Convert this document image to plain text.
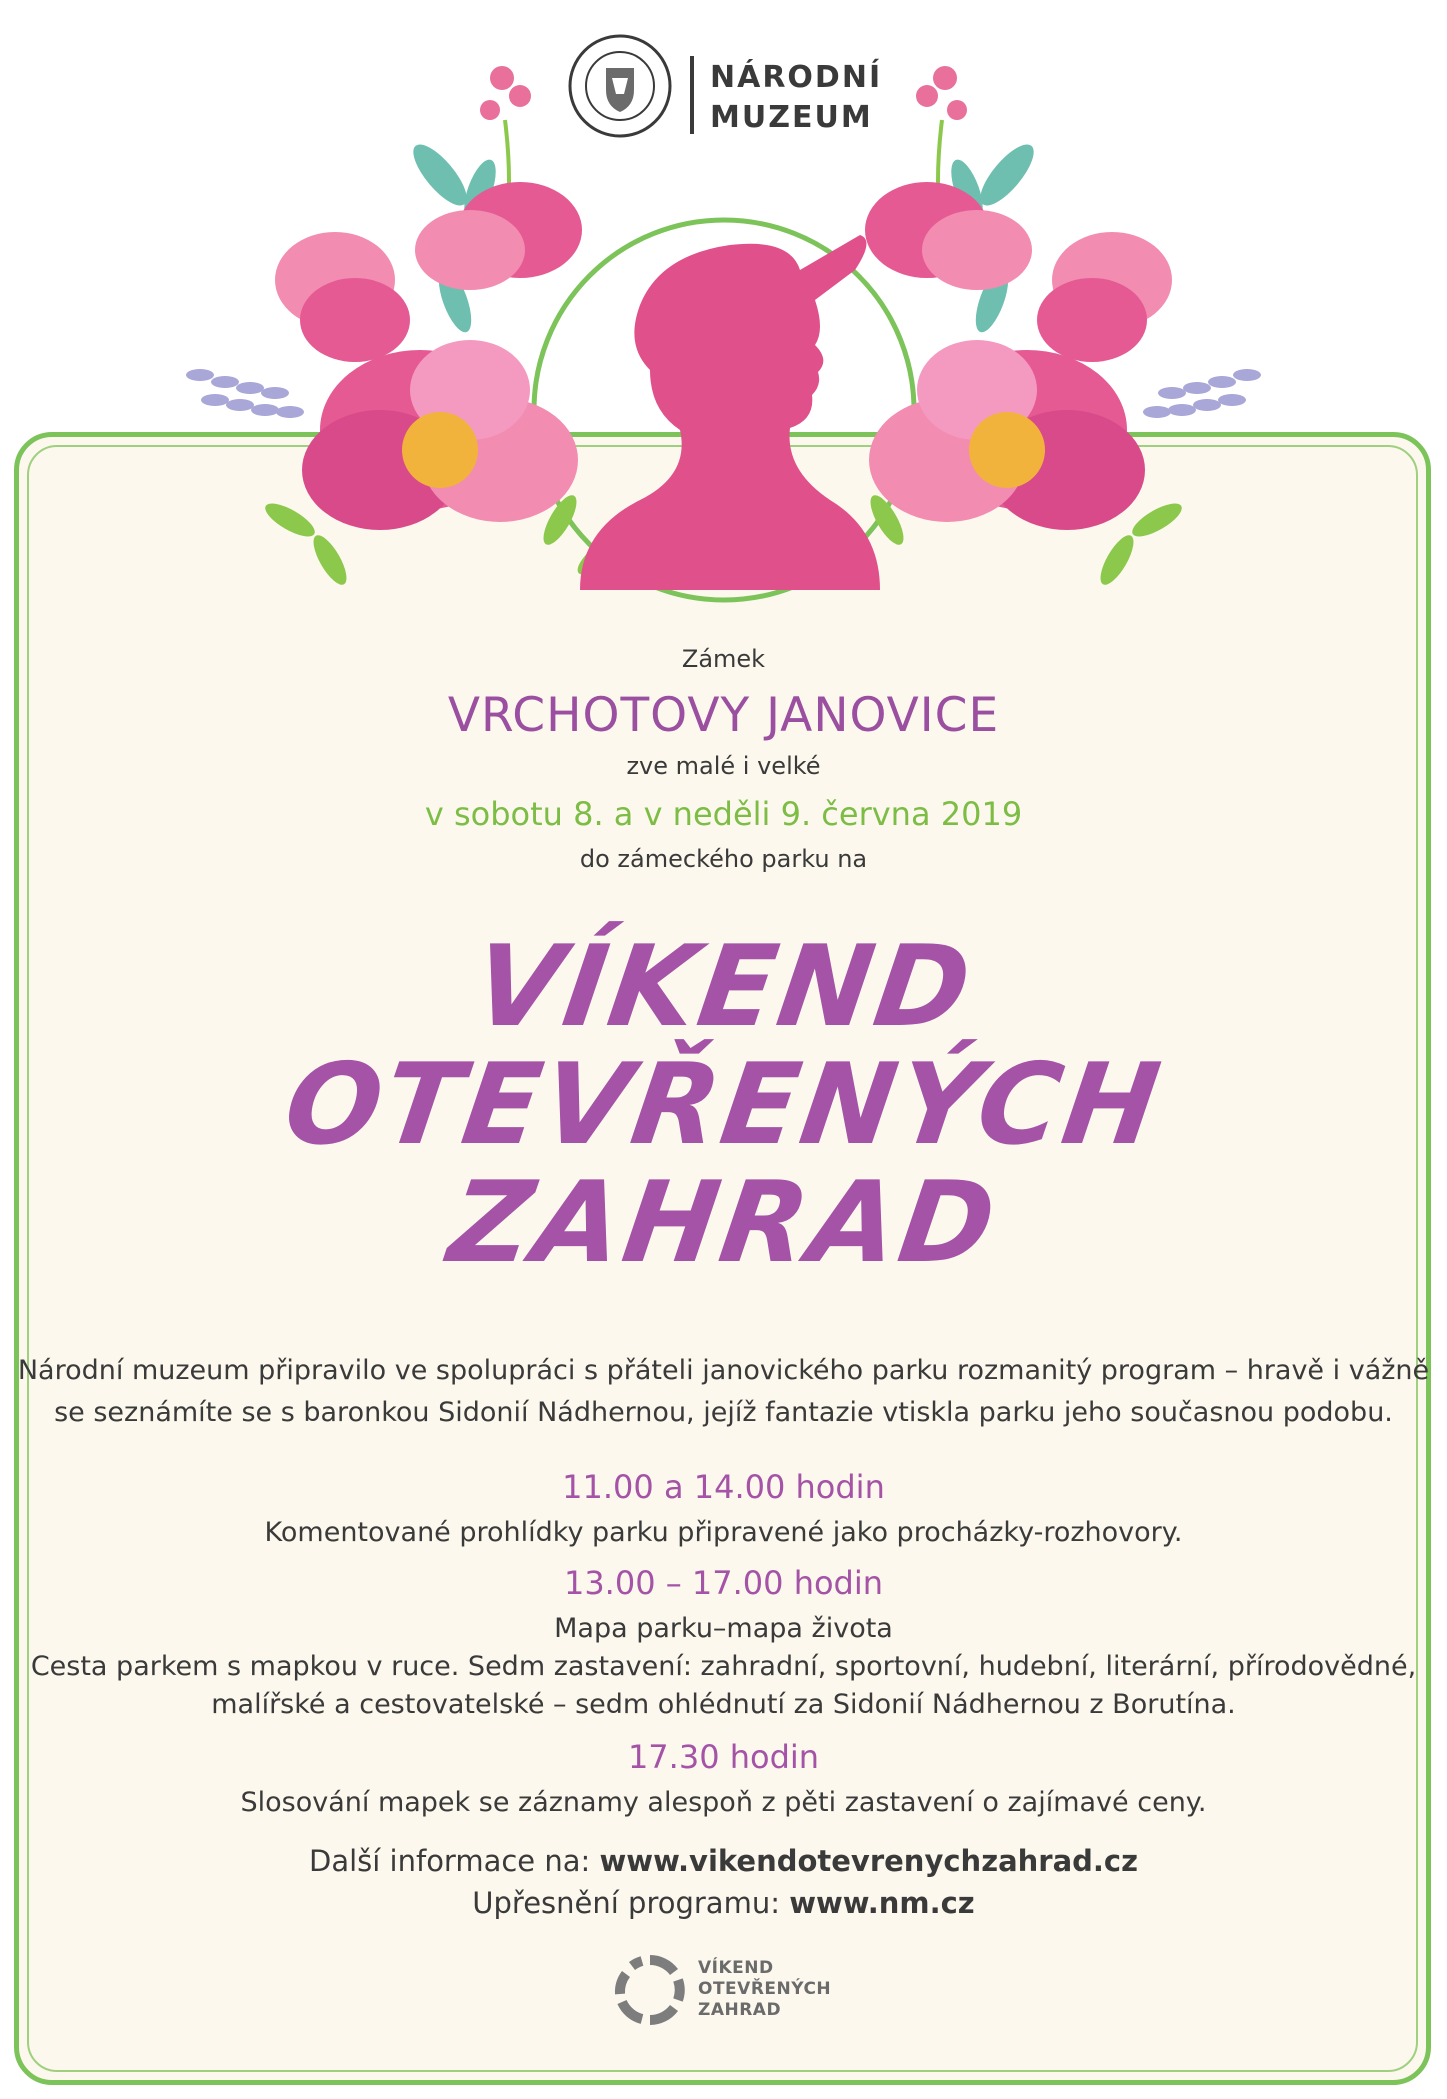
NÁRODNÍ
MUZEUM
Zámek
VRCHOTOVY JANOVICE
zve malé i velké
v sobotu 8. a v neděli 9. června 2019
do zámeckého parku na
VÍKEND
OTEVŘENÝCH
ZAHRAD
Národní muzeum připravilo ve spolupráci s přáteli janovického parku rozmanitý program – hravě i vážně
se seznámíte se s baronkou Sidonií Nádhernou, jejíž fantazie vtiskla parku jeho současnou podobu.
11.00 a 14.00 hodin
Komentované prohlídky parku připravené jako procházky-rozhovory.
13.00 – 17.00 hodin
Mapa parku–mapa života
Cesta parkem s mapkou v ruce. Sedm zastavení: zahradní, sportovní, hudební, literární, přírodovědné,
malířské a cestovatelské – sedm ohlédnutí za Sidonií Nádhernou z Borutína.
17.30 hodin
Slosování mapek se záznamy alespoň z pěti zastavení o zajímavé ceny.
Další informace na: www.vikendotevrenychzahrad.cz
Upřesnění programu: www.nm.cz
VÍKEND
OTEVŘENÝCH
ZAHRAD
